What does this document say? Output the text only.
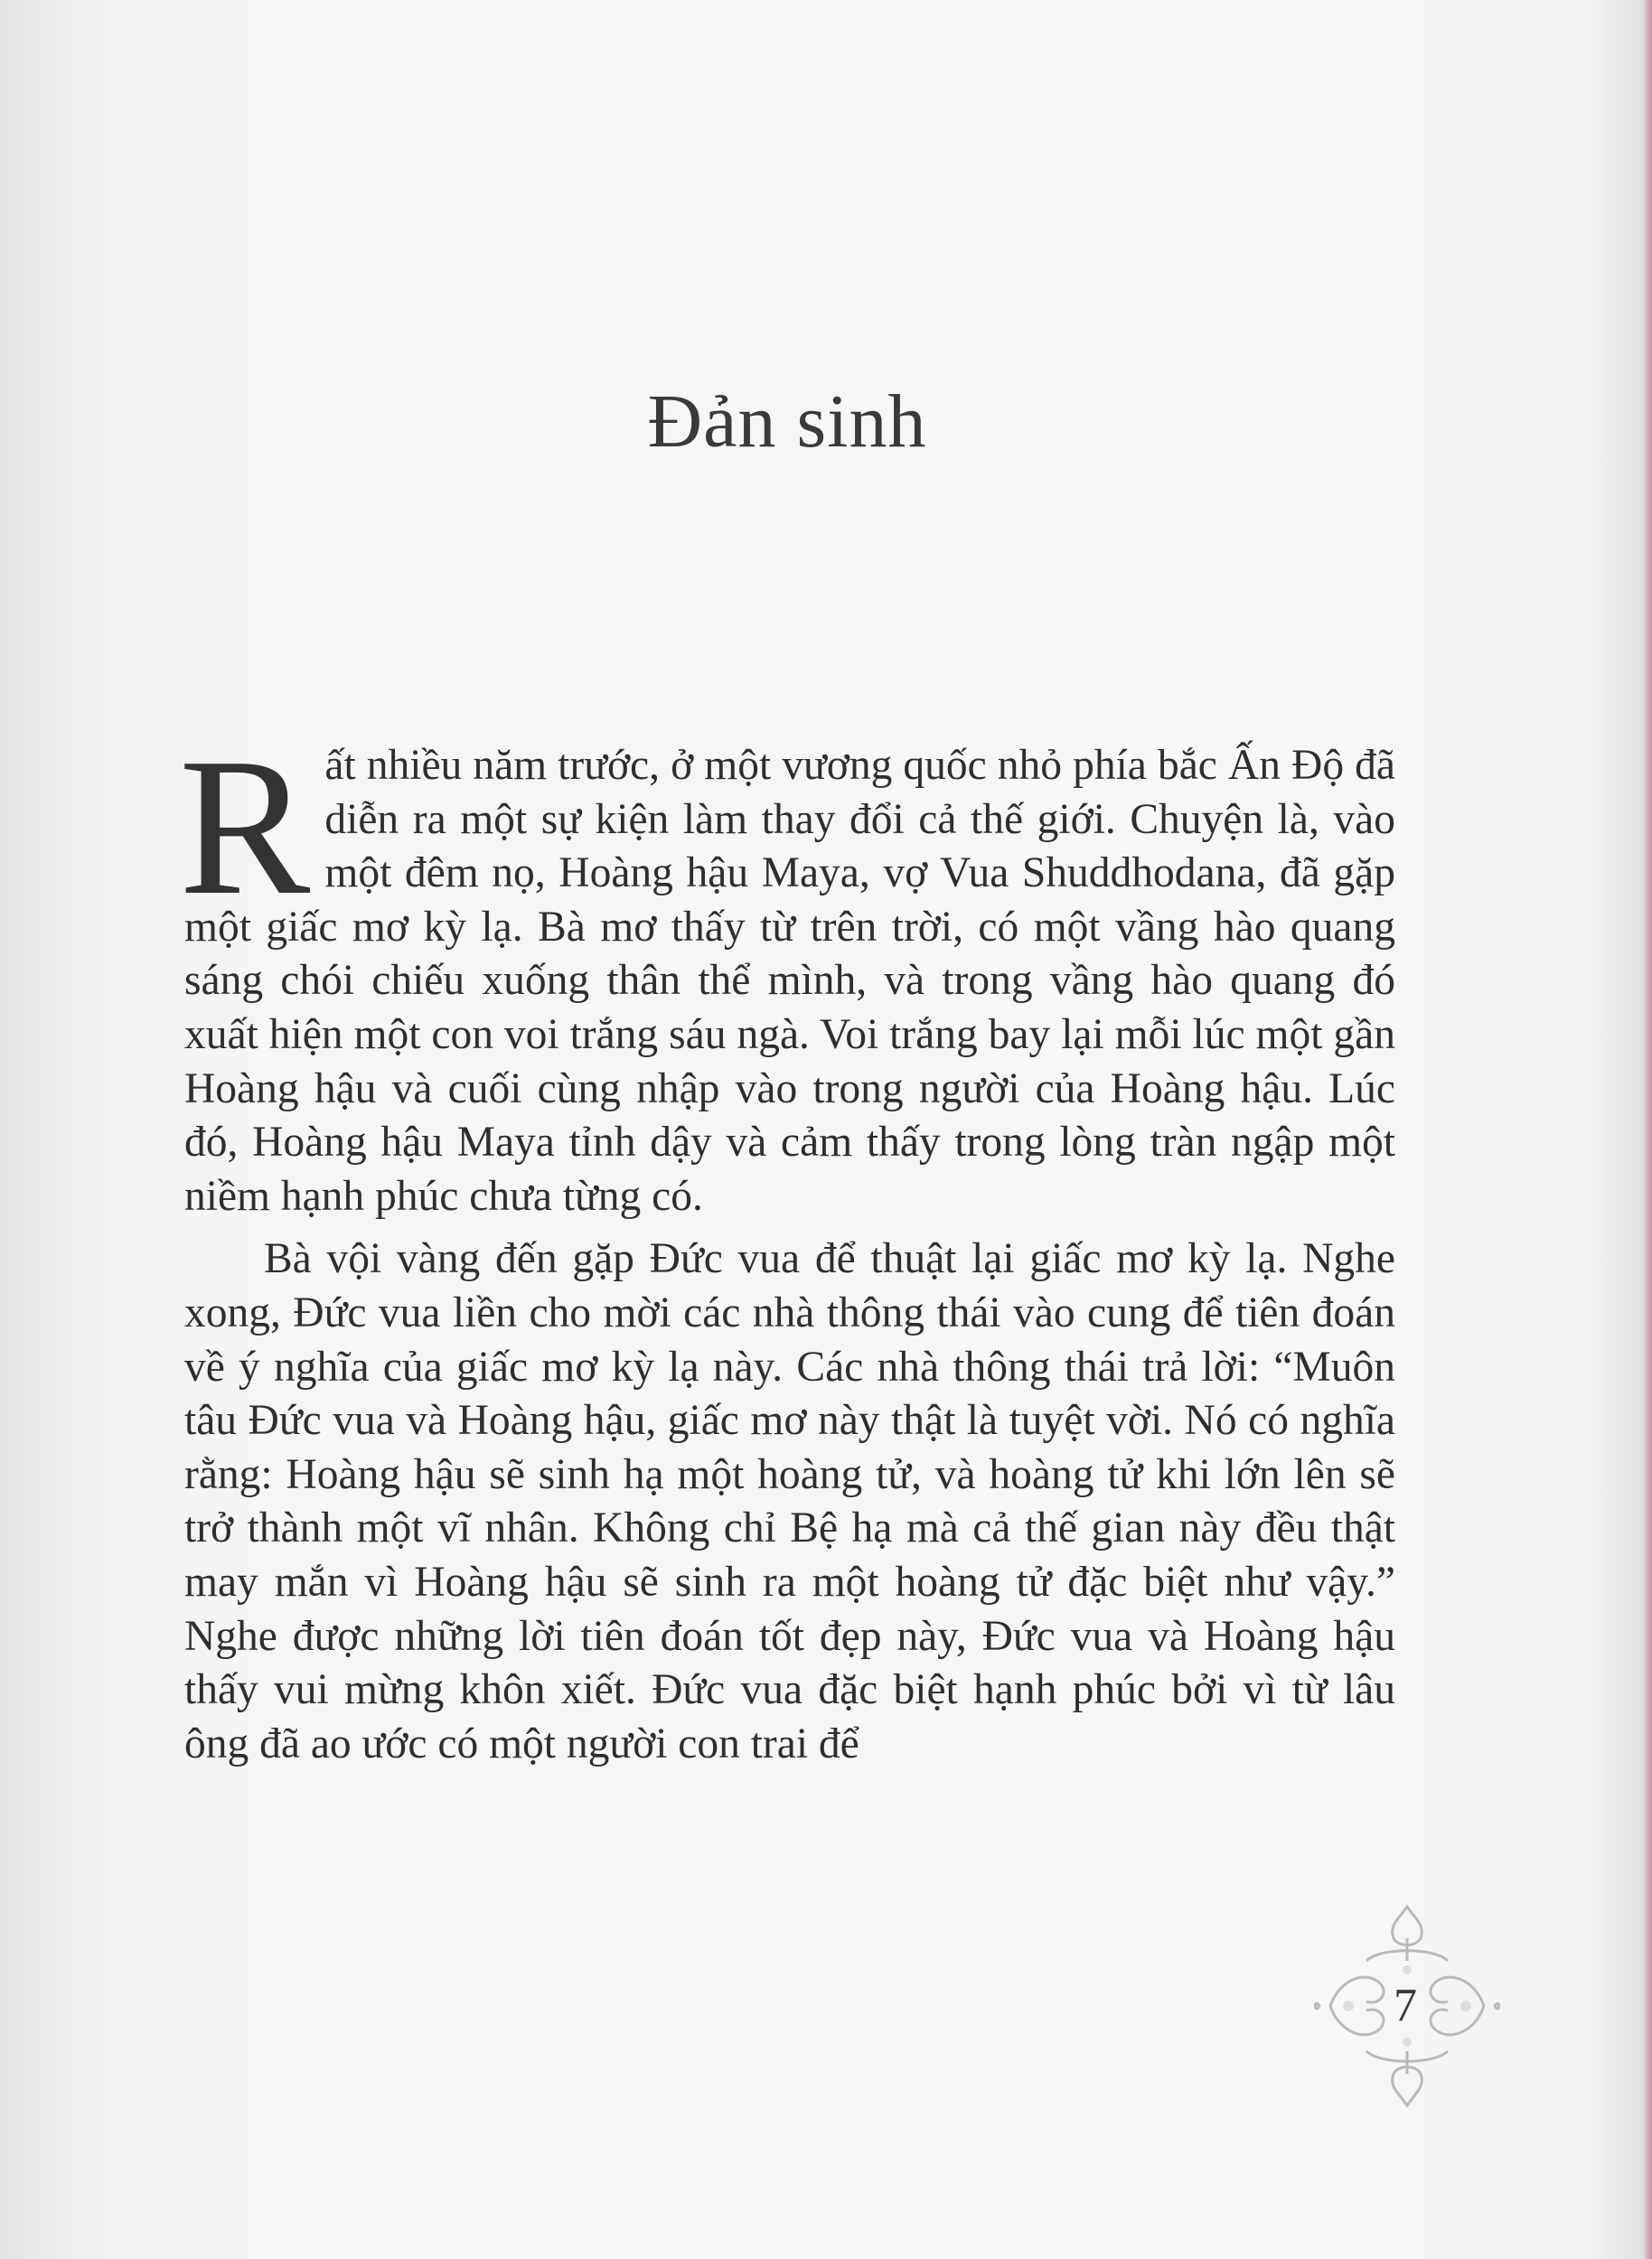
Đản sinh

Rất nhiều năm trước, ở một vương quốc nhỏ phía bắc Ấn Độ đã diễn ra một sự kiện làm thay đổi cả thế giới. Chuyện là, vào một đêm nọ, Hoàng hậu Maya, vợ Vua Shuddhodana, đã gặp một giấc mơ kỳ lạ. Bà mơ thấy từ trên trời, có một vầng hào quang sáng chói chiếu xuống thân thể mình, và trong vầng hào quang đó xuất hiện một con voi trắng sáu ngà. Voi trắng bay lại mỗi lúc một gần Hoàng hậu và cuối cùng nhập vào trong người của Hoàng hậu. Lúc đó, Hoàng hậu Maya tỉnh dậy và cảm thấy trong lòng tràn ngập một niềm hạnh phúc chưa từng có.

Bà vội vàng đến gặp Đức vua để thuật lại giấc mơ kỳ lạ. Nghe xong, Đức vua liền cho mời các nhà thông thái vào cung để tiên đoán về ý nghĩa của giấc mơ kỳ lạ này. Các nhà thông thái trả lời: “Muôn tâu Đức vua và Hoàng hậu, giấc mơ này thật là tuyệt vời. Nó có nghĩa rằng: Hoàng hậu sẽ sinh hạ một hoàng tử, và hoàng tử khi lớn lên sẽ trở thành một vĩ nhân. Không chỉ Bệ hạ mà cả thế gian này đều thật may mắn vì Hoàng hậu sẽ sinh ra một hoàng tử đặc biệt như vậy.” Nghe được những lời tiên đoán tốt đẹp này, Đức vua và Hoàng hậu thấy vui mừng khôn xiết. Đức vua đặc biệt hạnh phúc bởi vì từ lâu ông đã ao ước có một người con trai để

7
